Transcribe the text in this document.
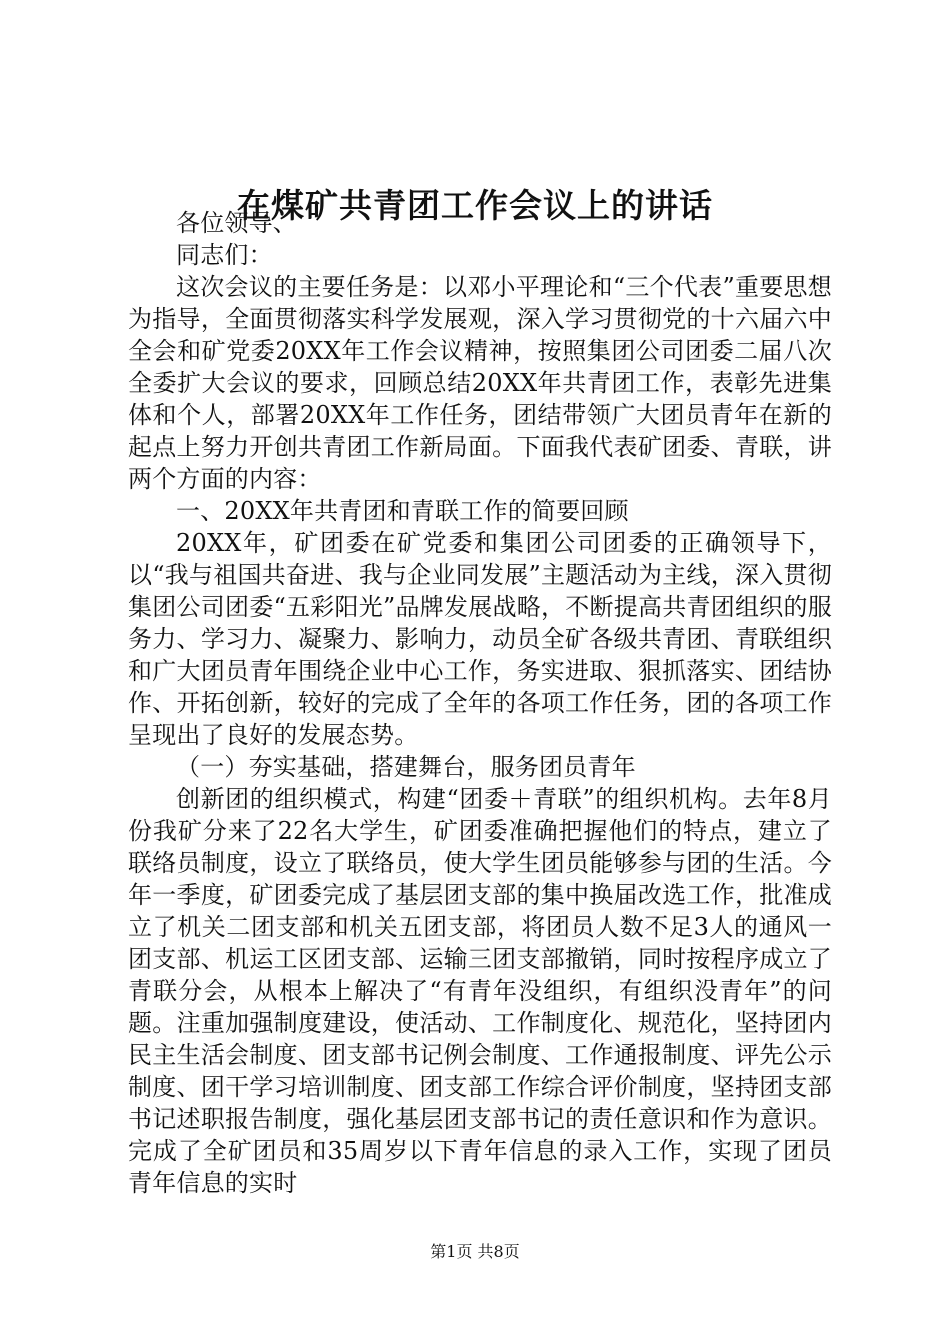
在煤矿共青团工作会议上的讲话

各位领导、

同志们：

这次会议的主要任务是：以邓小平理论和“三个代表”重要思想为指导，全面贯彻落实科学发展观，深入学习贯彻党的十六届六中全会和矿党委20XX年工作会议精神，按照集团公司团委二届八次全委扩大会议的要求，回顾总结20XX年共青团工作，表彰先进集体和个人，部署20XX年工作任务，团结带领广大团员青年在新的起点上努力开创共青团工作新局面。下面我代表矿团委、青联，讲两个方面的内容：

一、20XX年共青团和青联工作的简要回顾

20XX年，矿团委在矿党委和集团公司团委的正确领导下，以“我与祖国共奋进、我与企业同发展”主题活动为主线，深入贯彻集团公司团委“五彩阳光”品牌发展战略，不断提高共青团组织的服务力、学习力、凝聚力、影响力，动员全矿各级共青团、青联组织和广大团员青年围绕企业中心工作，务实进取、狠抓落实、团结协作、开拓创新，较好的完成了全年的各项工作任务，团的各项工作呈现出了良好的发展态势。

（一）夯实基础，搭建舞台，服务团员青年

创新团的组织模式，构建“团委＋青联”的组织机构。去年8月份我矿分来了22名大学生，矿团委准确把握他们的特点，建立了联络员制度，设立了联络员，使大学生团员能够参与团的生活。今年一季度，矿团委完成了基层团支部的集中换届改选工作，批准成立了机关二团支部和机关五团支部，将团员人数不足3人的通风一团支部、机运工区团支部、运输三团支部撤销，同时按程序成立了青联分会，从根本上解决了“有青年没组织，有组织没青年”的问题。注重加强制度建设，使活动、工作制度化、规范化，坚持团内民主生活会制度、团支部书记例会制度、工作通报制度、评先公示制度、团干学习培训制度、团支部工作综合评价制度，坚持团支部书记述职报告制度，强化基层团支部书记的责任意识和作为意识。完成了全矿团员和35周岁以下青年信息的录入工作，实现了团员青年信息的实时

第1页 共8页
